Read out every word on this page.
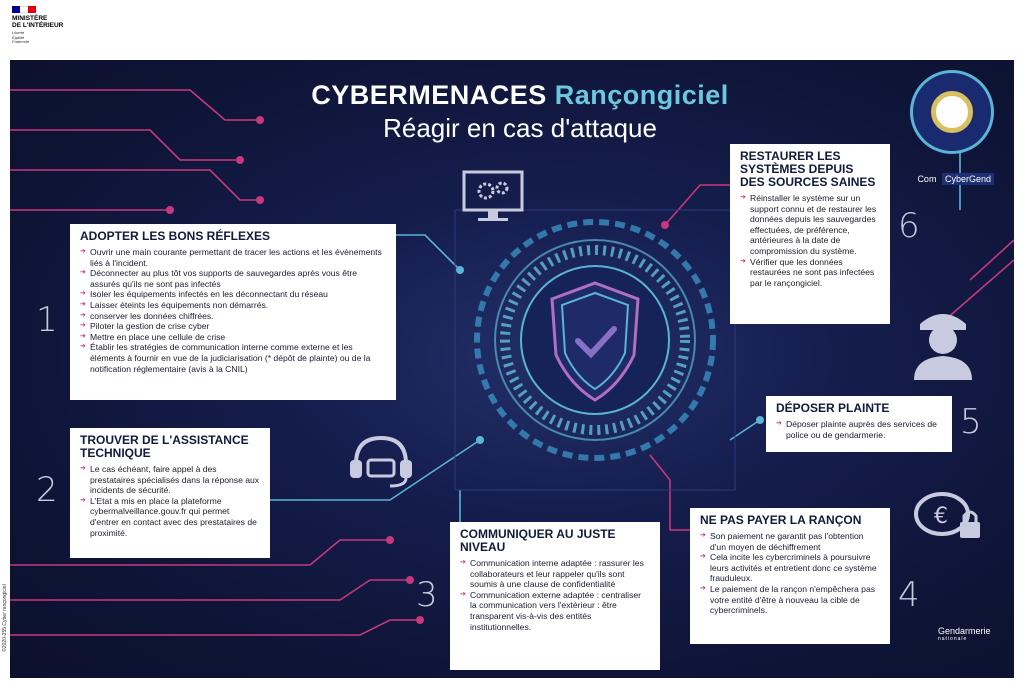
MINISTÈRE
DE L'INTÉRIEUR
Liberté
Égalité
Fraternité
©2020-255 Cyber rançongiciel
CYBERMENACES Rançongiciel
Réagir en cas d'attaque
€
Com CyberGend
1
2
3	4
5
6
ADOPTER LES BONS RÉFLEXES
➔ Ouvrir une main courante permettant de tracer les actions et les évènements liés à l'incident.
➔ Déconnecter au plus tôt vos supports de sauvegardes après vous être assurés qu'ils ne sont pas infectés
➔ Isoler les équipements infectés en les déconnectant du réseau
➔ Laisser éteints les équipements non démarrés.
➔ conserver les données chiffrées.
➔ Piloter la gestion de crise cyber
➔ Mettre en place une cellule de crise
➔ Établir les stratégies de communication interne comme externe et les éléments à fournir en vue de la judiciarisation (* dépôt de plainte) ou de la notification réglementaire (avis à la CNIL)
TROUVER DE L'ASSISTANCE TECHNIQUE
➔ Le cas échéant, faire appel à des prestataires spécialisés dans la réponse aux incidents de sécurité.
➔ L'Etat a mis en place la plateforme cybermalveillance.gouv.fr qui permet d'entrer en contact avec des prestataires de proximité.	COMMUNIQUER AU JUSTE NIVEAU
➔ Communication interne adaptée : rassurer les collaborateurs et leur rappeler qu'ils sont soumis à une clause de confidentialité
➔ Communication externe adaptée : centraliser la communication vers l'extérieur : être transparent vis-à-vis des entités institutionnelles.
NE PAS PAYER LA RANÇON
➔ Son paiement ne garantit pas l'obtention d'un moyen de déchiffrement
➔ Cela incite les cybercriminels à poursuivre leurs activités et entretient donc ce système frauduleux.
➔ Le paiement de la rançon n'empêchera pas votre entité d'être à nouveau la cible de cybercriminels.
DÉPOSER PLAINTE
➔ Déposer plainte auprès des services de police ou de gendarmerie.
RESTAURER LES SYSTÈMES DEPUIS DES SOURCES SAINES
➔ Réinstaller le système sur un support connu et de restaurer les données depuis les sauvegardes effectuées, de préférence, antérieures à la date de compromission du système.
➔ Vérifier que les données restaurées ne sont pas infectées par le rançongiciel.
Gendarmerie
nationale
